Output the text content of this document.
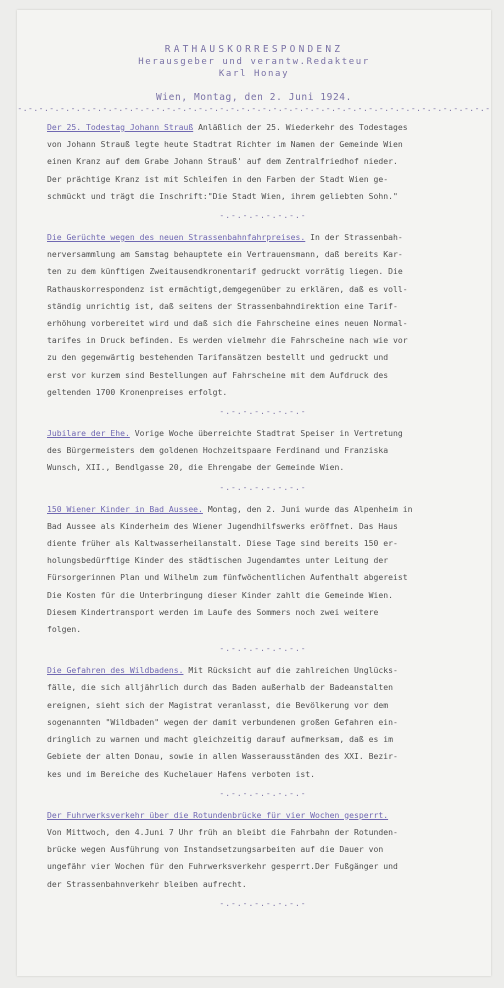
RATHAUSKORRESPONDENZ
Herausgeber und verantw.Redakteur
Karl Honay
Wien, Montag, den 2. Juni 1924.
-.-.-.-.-.-.-.-.-.-.-.-.-.-.-.-.-.-.-.-.-.-.-.-.-.-.-.-.-.-.-.-.-.-.-.-.-.-.-.-.-.-.-.-.-
Der 25. Todestag Johann Strauß Anläßlich der 25. Wiederkehr des Todestages
von Johann Strauß legte heute Stadtrat Richter im Namen der Gemeinde Wien
einen Kranz auf dem Grabe Johann Strauß' auf dem Zentralfriedhof nieder.
Der prächtige Kranz ist mit Schleifen in den Farben der Stadt Wien ge-
schmückt und trägt die Inschrift:"Die Stadt Wien, ihrem geliebten Sohn."
-.-.-.-.-.-.-.-
Die Gerüchte wegen des neuen Strassenbahnfahrpreises. In der Strassenbah-
nerversammlung am Samstag behauptete ein Vertrauensmann, daß bereits Kar-
ten zu dem künftigen Zweitausendkronentarif gedruckt vorrätig liegen. Die
Rathauskorrespondenz ist ermächtigt,demgegenüber zu erklären, daß es voll-
ständig unrichtig ist, daß seitens der Strassenbahndirektion eine Tarif-
erhöhung vorbereitet wird und daß sich die Fahrscheine eines neuen Normal-
tarifes in Druck befinden. Es werden vielmehr die Fahrscheine nach wie vor
zu den gegenwärtig bestehenden Tarifansätzen bestellt und gedruckt und
erst vor kurzem sind Bestellungen auf Fahrscheine mit dem Aufdruck des
geltenden 1700 Kronenpreises erfolgt.
-.-.-.-.-.-.-.-
Jubilare der Ehe. Vorige Woche überreichte Stadtrat Speiser in Vertretung
des Bürgermeisters dem goldenen Hochzeitspaare Ferdinand und Franziska
Wunsch, XII., Bendlgasse 20, die Ehrengabe der Gemeinde Wien.
-.-.-.-.-.-.-.-
150 Wiener Kinder in Bad Aussee. Montag, den 2. Juni wurde das Alpenheim in
Bad Aussee als Kinderheim des Wiener Jugendhilfswerks eröffnet. Das Haus
diente früher als Kaltwasserheilanstalt. Diese Tage sind bereits 150 er-
holungsbedürftige Kinder des städtischen Jugendamtes unter Leitung der
Fürsorgerinnen Plan und Wilhelm zum fünfwöchentlichen Aufenthalt abgereist
Die Kosten für die Unterbringung dieser Kinder zahlt die Gemeinde Wien.
Diesem Kindertransport werden im Laufe des Sommers noch zwei weitere
folgen.
-.-.-.-.-.-.-.-
Die Gefahren des Wildbadens. Mit Rücksicht auf die zahlreichen Unglücks-
fälle, die sich alljährlich durch das Baden außerhalb der Badeanstalten
ereignen, sieht sich der Magistrat veranlasst, die Bevölkerung vor dem
sogenannten "Wildbaden" wegen der damit verbundenen großen Gefahren ein-
dringlich zu warnen und macht gleichzeitig darauf aufmerksam, daß es im
Gebiete der alten Donau, sowie in allen Wasserausständen des XXI. Bezir-
kes und im Bereiche des Kuchelauer Hafens verboten ist.
-.-.-.-.-.-.-.-
Der Fuhrwerksverkehr über die Rotundenbrücke für vier Wochen gesperrt.
Von Mittwoch, den 4.Juni 7 Uhr früh an bleibt die Fahrbahn der Rotunden-
brücke wegen Ausführung von Instandsetzungsarbeiten auf die Dauer von
ungefähr vier Wochen für den Fuhrwerksverkehr gesperrt.Der Fußgänger und
der Strassenbahnverkehr bleiben aufrecht.
-.-.-.-.-.-.-.-
